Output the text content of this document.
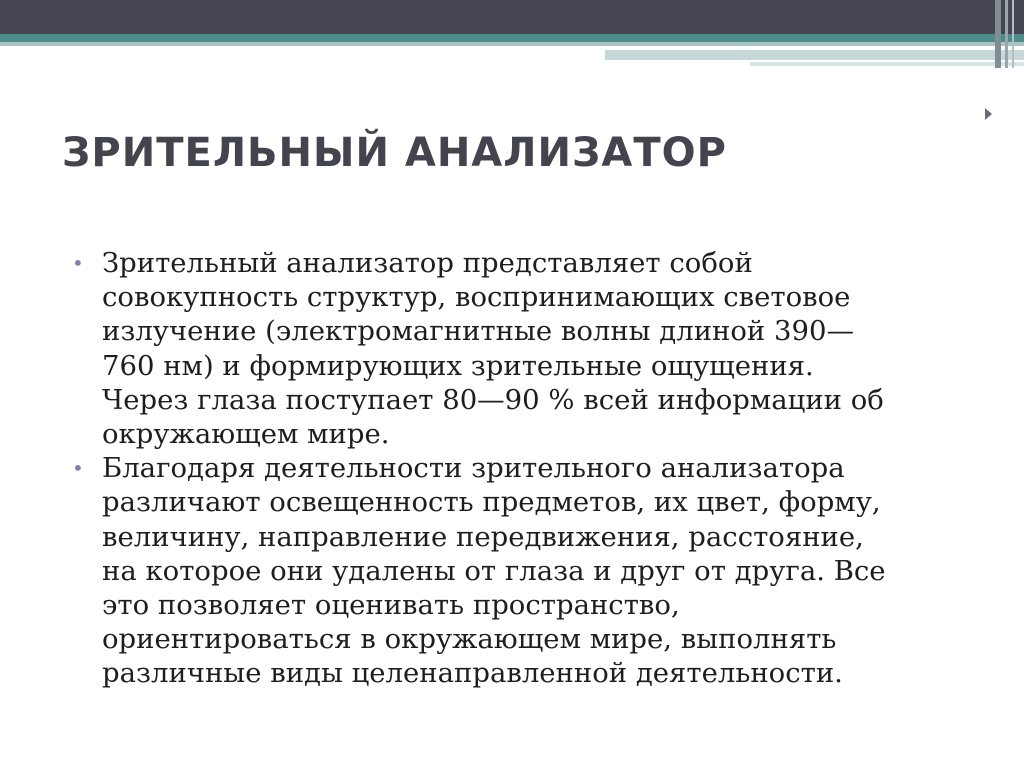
ЗРИТЕЛЬНЫЙ АНАЛИЗАТОР
• Зрительный анализатор представляет собой
совокупность структур, воспринимающих световое
излучение (электромагнитные волны длиной 390—
760 нм) и формирующих зрительные ощущения.
Через глаза поступает 80—90 % всей информации об
окружающем мире.
• Благодаря деятельности зрительного анализатора
различают освещенность предметов, их цвет, форму,
величину, направление передвижения, расстояние,
на которое они удалены от глаза и друг от друга. Все
это позволяет оценивать пространство,
ориентироваться в окружающем мире, выполнять
различные виды целенаправленной деятельности.
